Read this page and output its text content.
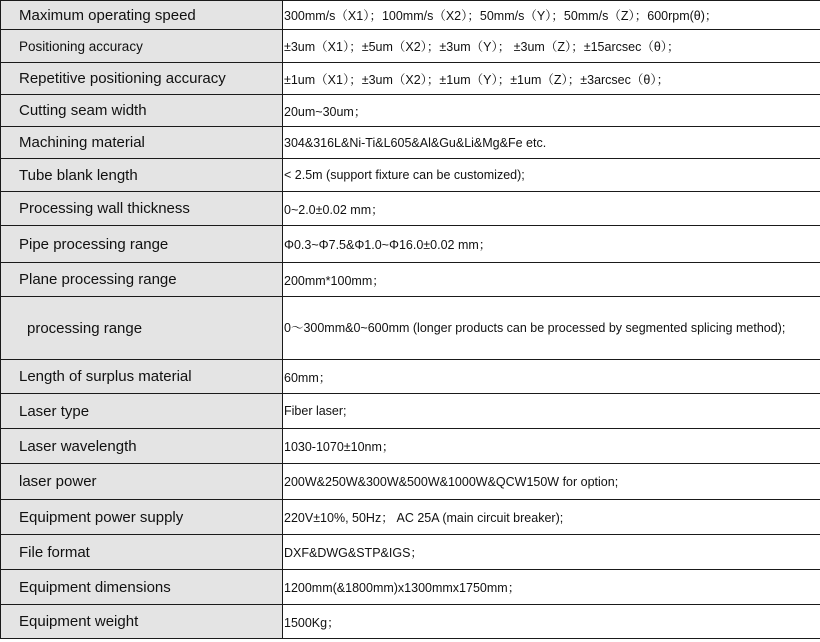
Maximum operating speed	300mm/s（X1）；100mm/s（X2）；50mm/s（Y）；50mm/s（Z）；600rpm(θ)；
Positioning accuracy	±3um（X1）；±5um（X2）；±3um（Y）； ±3um（Z）；±15arcsec（θ）；
Repetitive positioning accuracy	±1um（X1）；±3um（X2）；±1um（Y）；±1um（Z）；±3arcsec（θ）；
Cutting seam width	20um~30um；
Machining material	304&316L&Ni-Ti&L605&Al&Gu&Li&Mg&Fe etc.
Tube blank length	< 2.5m (support fixture can be customized);
Processing wall thickness	0~2.0±0.02 mm；
Pipe processing range	Φ0.3~Φ7.5&Φ1.0~Φ16.0±0.02 mm；
Plane processing range	200mm*100mm；
processing range	0～300mm&0~600mm (longer products can be processed by segmented splicing method);
Length of surplus material	60mm；
Laser type	Fiber laser;
Laser wavelength	1030-1070±10nm；
laser power	200W&250W&300W&500W&1000W&QCW150W for option;
Equipment power supply	220V±10%, 50Hz； AC 25A (main circuit breaker);
File format	DXF&DWG&STP&IGS；
Equipment dimensions	1200mm(&1800mm)x1300mmx1750mm；
Equipment weight	1500Kg；
